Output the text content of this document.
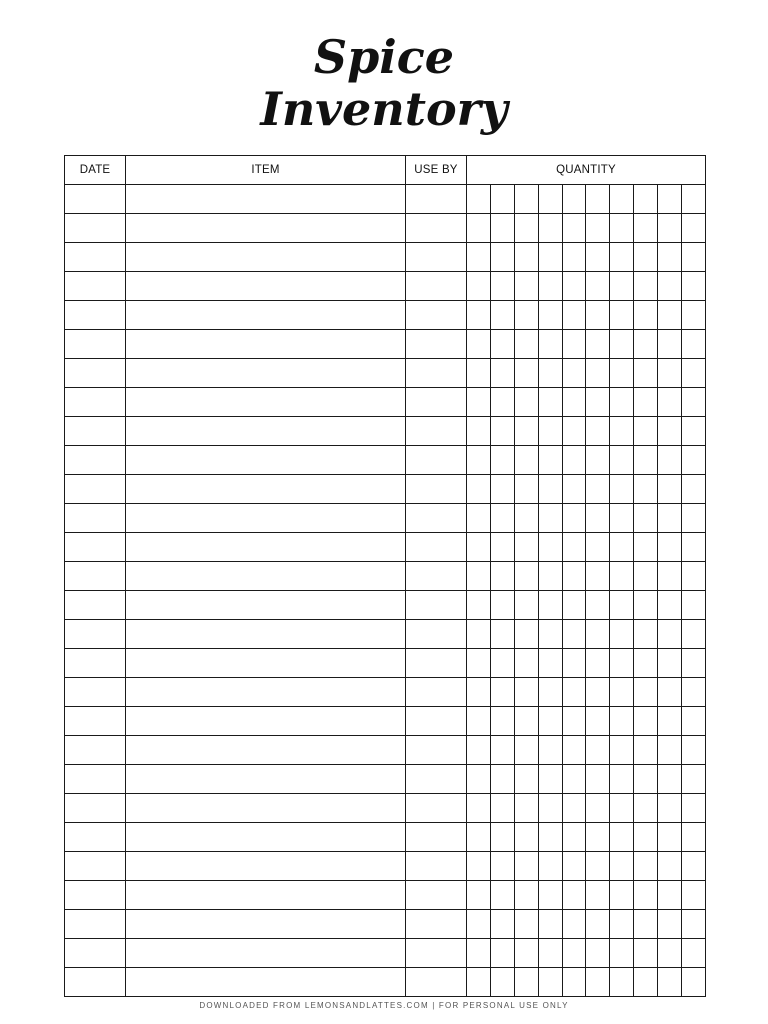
Spice
Inventory
DATE	ITEM	USE BY	QUANTITY									

DOWNLOADED FROM LEMONSANDLATTES.COM | FOR PERSONAL USE ONLY
